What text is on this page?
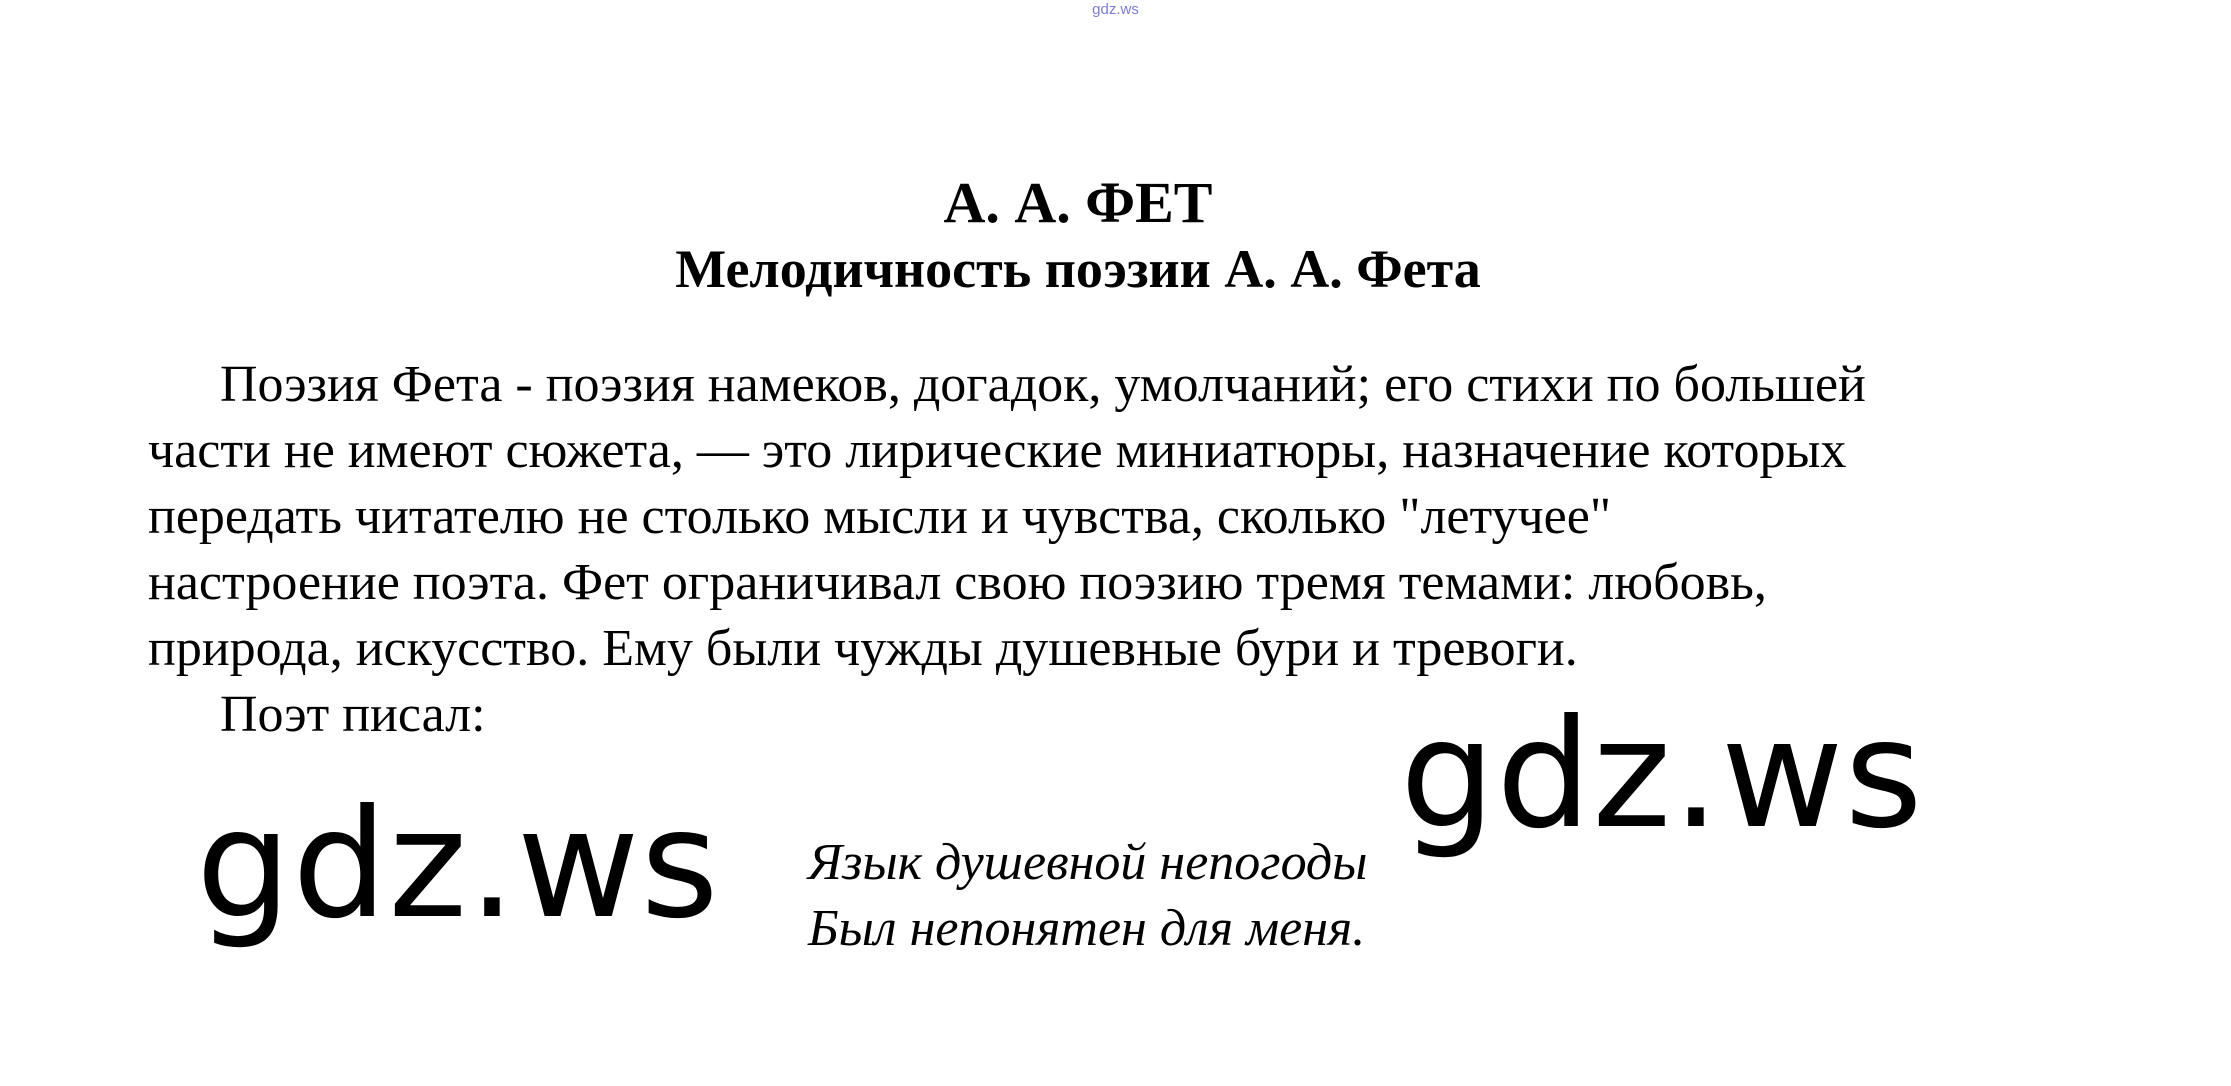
gdz.ws
А. А. ФЕТ
Мелодичность поэзии А. А. Фета
Поэзия Фета - поэзия намеков, догадок, умолчаний; его стихи по большей
части не имеют сюжета, — это лирические миниатюры, назначение которых
передать читателю не столько мысли и чувства, сколько "летучее"
настроение поэта. Фет ограничивал свою поэзию тремя темами: любовь,
природа, искусство. Ему были чужды душевные бури и тревоги.
Поэт писал:
Язык душевной непогоды
Был непонятен для меня.
gdz.ws
gdz.ws
